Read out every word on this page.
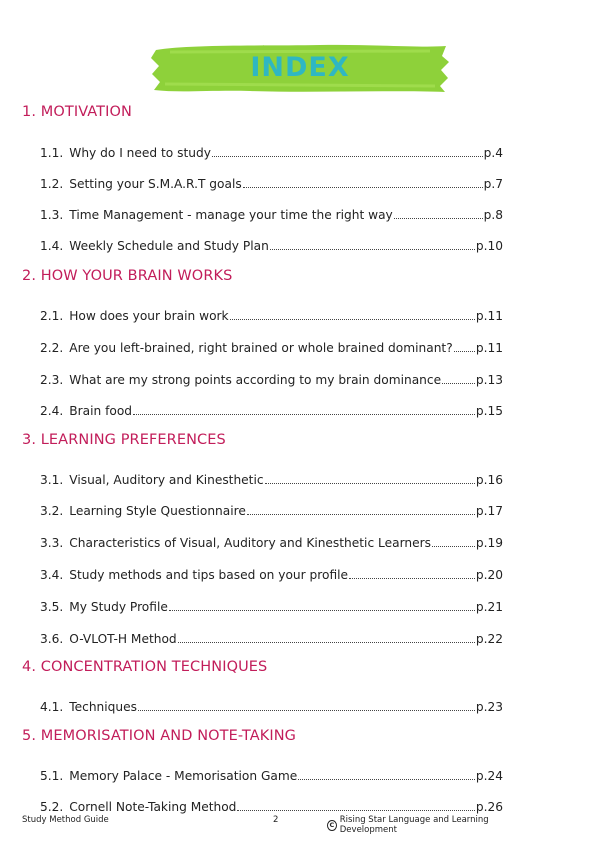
INDEX
1. MOTIVATION
1.1. Why do I need to study	p.4
1.2. Setting your S.M.A.R.T goals	p.7
1.3. Time Management - manage your time the right way	p.8
1.4. Weekly Schedule and Study Plan	p.10
2. HOW YOUR BRAIN WORKS
2.1. How does your brain work	p.11
2.2. Are you left-brained, right brained or whole brained dominant? p.11
2.3. What are my strong points according to my brain dominance	p.13
2.4. Brain food	p.15
3. LEARNING PREFERENCES
3.1. Visual, Auditory and Kinesthetic	p.16
3.2. Learning Style Questionnaire	p.17
3.3. Characteristics of Visual, Auditory and Kinesthetic Learners	p.19
3.4. Study methods and tips based on your profile	p.20
3.5. My Study Profile	p.21
3.6. O-VLOT-H Method	p.22
4. CONCENTRATION TECHNIQUES
4.1. Techniques	p.23
5. MEMORISATION AND NOTE-TAKING
5.1. Memory Palace - Memorisation Game	p.24
5.2. Cornell Note-Taking Method	p.26
Study Method Guide	2	C Rising Star Language and Learning Development
